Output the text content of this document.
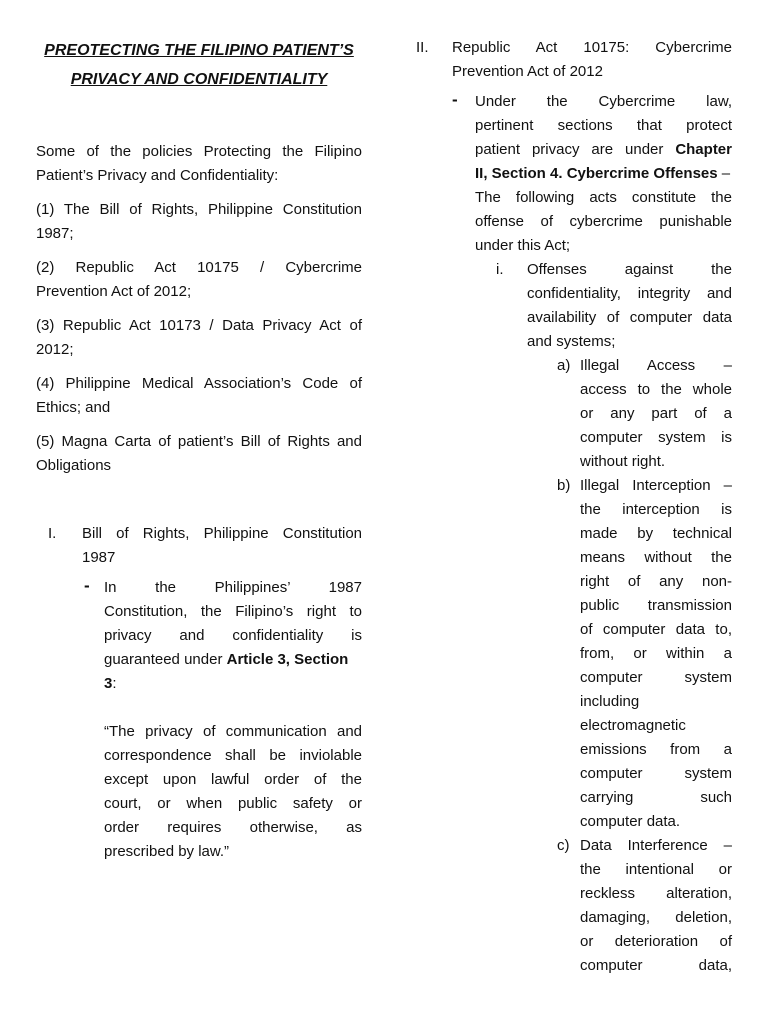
PREOTECTING THE FILIPINO PATIENT’S
PRIVACY AND CONFIDENTIALITY
Some of the policies Protecting the Filipino
Patient’s Privacy and Confidentiality:
(1) The Bill of Rights, Philippine Constitution
1987;
(2) Republic Act 10175 / Cybercrime
Prevention Act of 2012;
(3) Republic Act 10173 / Data Privacy Act of
2012;
(4) Philippine Medical Association’s Code of
Ethics; and
(5) Magna Carta of patient’s Bill of Rights and
Obligations
I. Bill of Rights, Philippine Constitution
1987
- In the Philippines’ 1987
Constitution, the Filipino’s right to
privacy and confidentiality is
guaranteed under Article 3, Section
3:
“The privacy of communication and
correspondence shall be inviolable
except upon lawful order of the
court, or when public safety or
order requires otherwise, as
prescribed by law.”
II. Republic Act 10175: Cybercrime
Prevention Act of 2012
- Under the Cybercrime law,
pertinent sections that protect
patient privacy are under Chapter
II, Section 4. Cybercrime Offenses –
The following acts constitute the
offense of cybercrime punishable
under this Act;
i. Offenses against the
confidentiality, integrity and
availability of computer data
and systems;
a) Illegal Access –
access to the whole
or any part of a
computer system is
without right.
b) Illegal Interception –
the interception is
made by technical
means without the
right of any non-
public transmission
of computer data to,
from, or within a
computer system
including
electromagnetic
emissions from a
computer system
carrying such
computer data.
c) Data Interference –
the intentional or
reckless alteration,
damaging, deletion,
or deterioration of
computer data,
